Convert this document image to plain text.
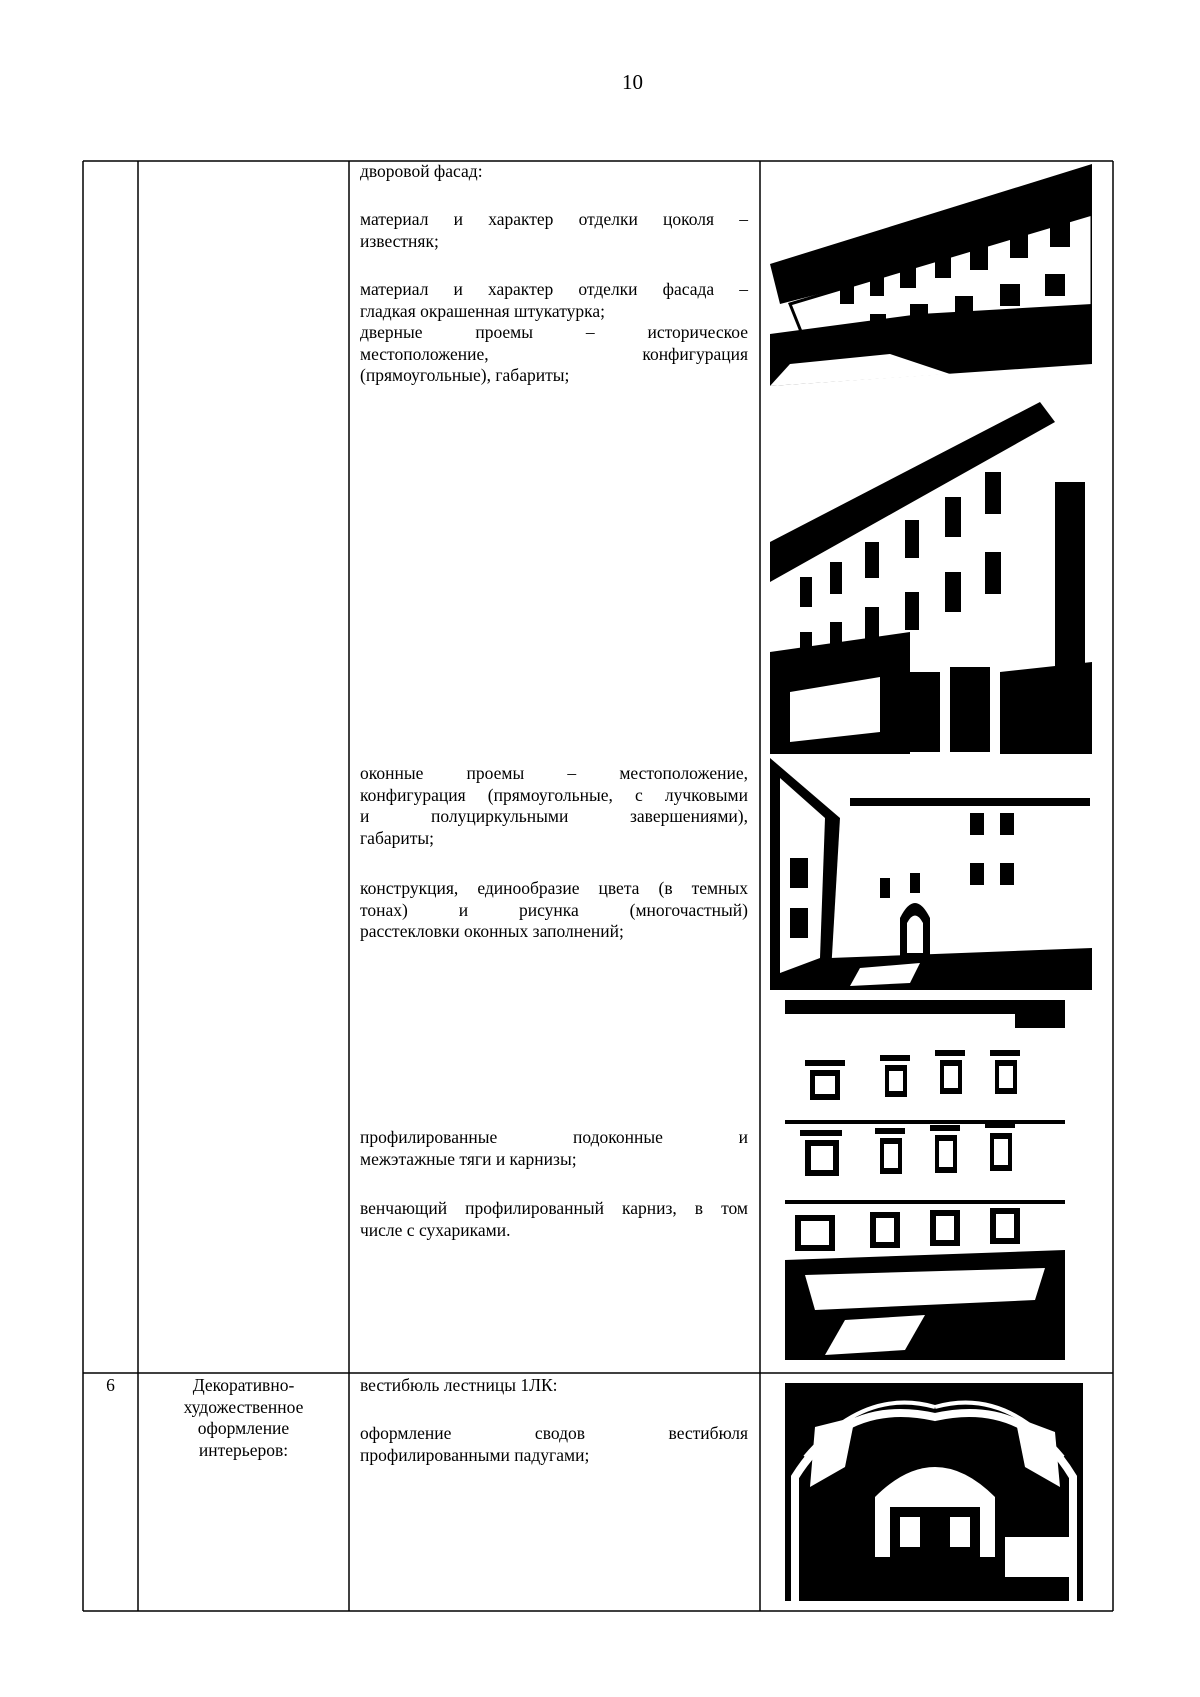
10
дворовой фасад:
материал и характер отделки цоколя –
известняк;
материал и характер отделки фасада –
гладкая окрашенная штукатурка;
дверные проемы – историческое
местоположение, конфигурация
(прямоугольные), габариты;
оконные проемы – местоположение,
конфигурация (прямоугольные, с лучковыми
и полуциркульными завершениями),
габариты;
конструкция, единообразие цвета (в темных
тонах) и рисунка (многочастный)
расстекловки оконных заполнений;
профилированные подоконные и
межэтажные тяги и карнизы;
венчающий профилированный карниз, в том
числе с сухариками.
6	Декоративно-
художественное
оформление
интерьеров:
вестибюль лестницы 1ЛК:
оформление сводов вестибюля
профилированными падугами;
